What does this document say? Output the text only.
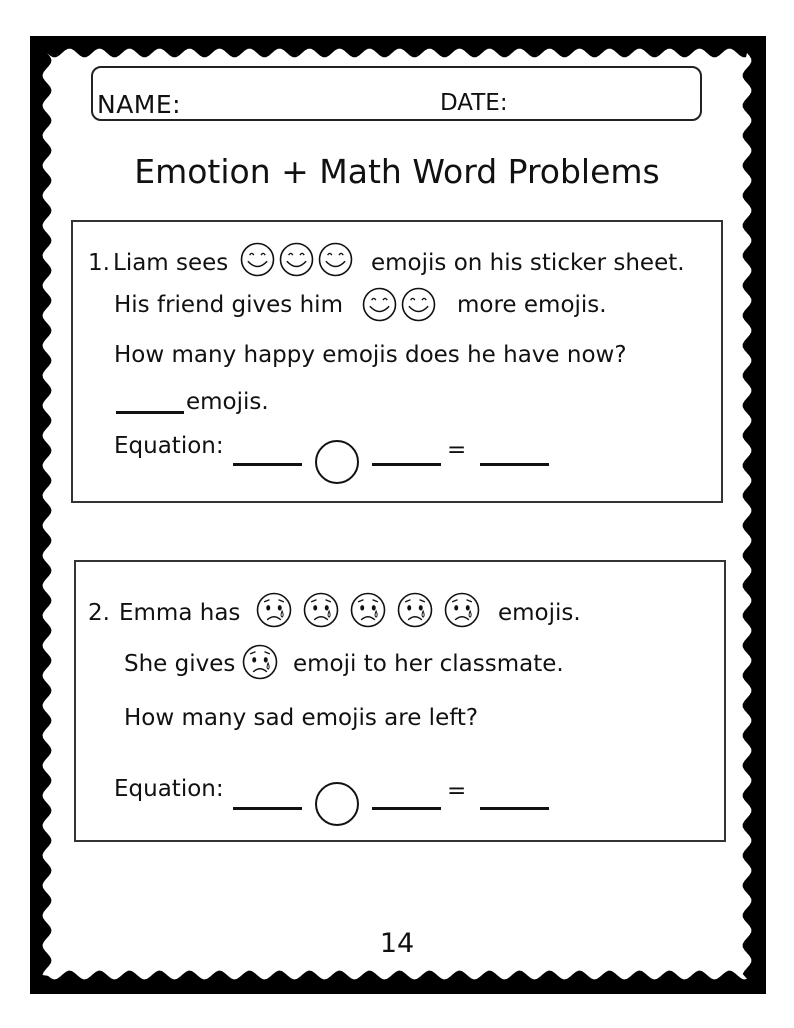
NAME:	DATE:
Emotion + Math Word Problems
1. Liam sees	emojis on his sticker sheet.
His friend gives him	more emojis.
How many happy emojis does he have now?
emojis.
Equation:	=
2. Emma has	emojis.
She gives	emoji to her classmate.
How many sad emojis are left?
Equation:	=
14
